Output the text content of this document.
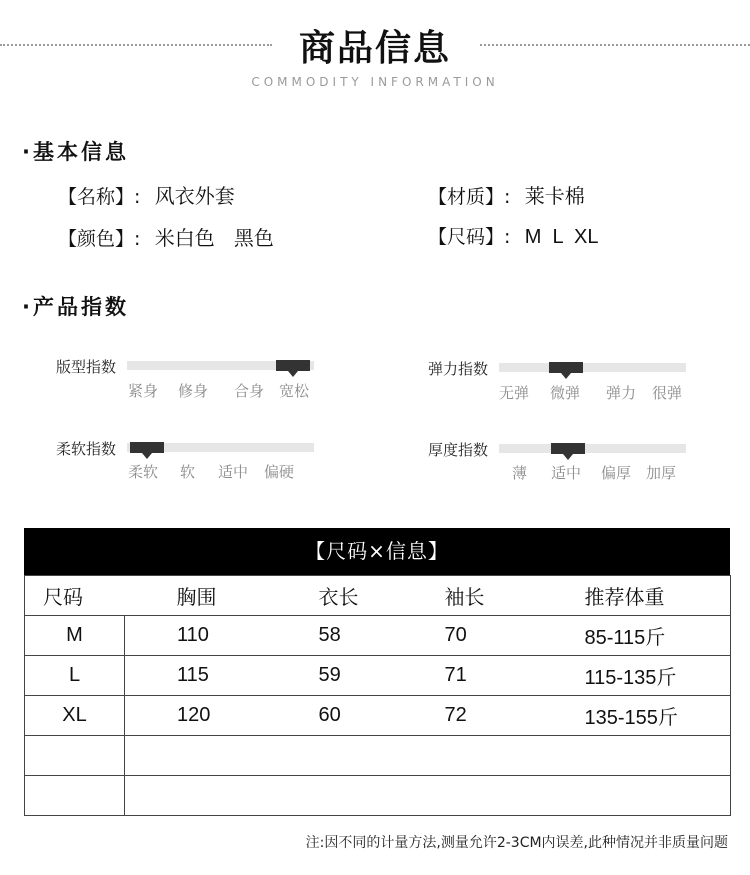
商品信息
COMMODITY INFORMATION
·基本信息
【名称】: 风衣外套	【材质】: 莱卡棉
【颜色】: 米白色   黑色	【尺码】: M  L  XL
·产品指数
版型指数
紧身 修身 合身 宽松
弹力指数
无弹 微弹 弹力 很弹
柔软指数
柔软 软 适中 偏硬
厚度指数
薄 适中 偏厚 加厚
【尺码×信息】
尺码	胸围	衣长	袖长	推荐体重
M	110	58	70	85-115斤
L	115	59	71	115-135斤
XL	120	60	72	135-155斤

注:因不同的计量方法,测量允许2-3CM内误差,此种情况并非质量问题
